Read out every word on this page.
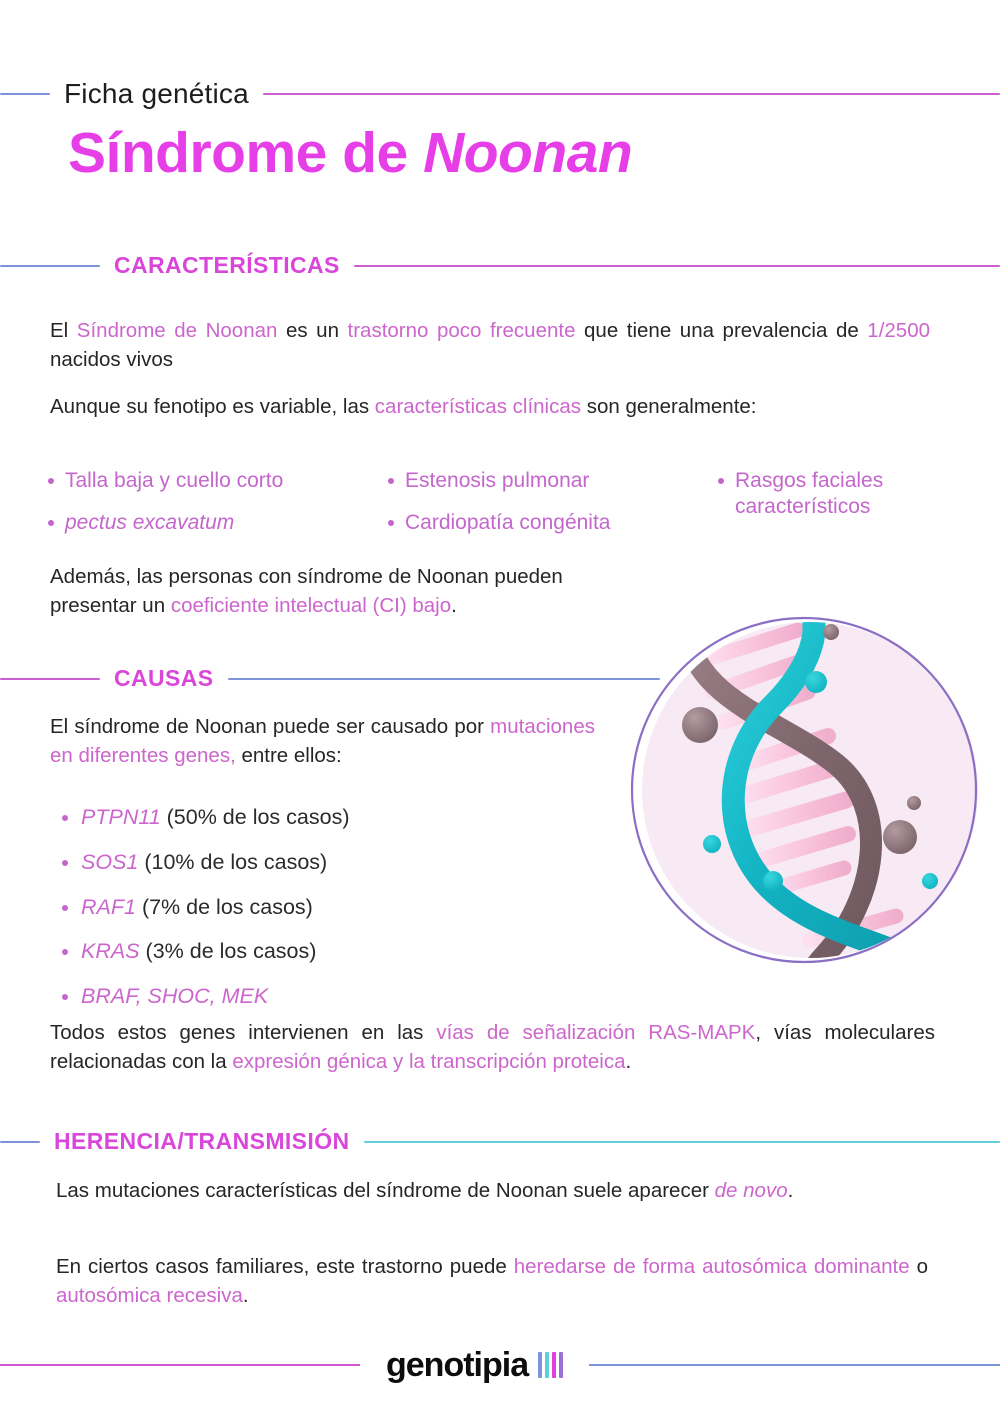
Ficha genética
Síndrome de Noonan
CARACTERÍSTICAS
El Síndrome de Noonan es un trastorno poco frecuente que tiene una prevalencia de 1/2500 nacidos vivos
Aunque su fenotipo es variable, las características clínicas son generalmente:
Talla baja y cuello corto
pectus excavatum
Estenosis pulmonar
Cardiopatía congénita
Rasgos faciales característicos
Además, las personas con síndrome de Noonan pueden presentar un coeficiente intelectual (CI) bajo.
CAUSAS
El síndrome de Noonan puede ser causado por mutaciones en diferentes genes, entre ellos:
PTPN11 (50% de los casos)
SOS1 (10% de los casos)
RAF1 (7% de los casos)
KRAS (3% de los casos)
BRAF, SHOC, MEK
Todos estos genes intervienen en las vías de señalización RAS-MAPK, vías moleculares relacionadas con la expresión génica y la transcripción proteica.
HERENCIA/TRANSMISIÓN
Las mutaciones características del síndrome de Noonan suele aparecer de novo.
En ciertos casos familiares, este trastorno puede heredarse de forma autosómica dominante o autosómica recesiva.
genotipia
